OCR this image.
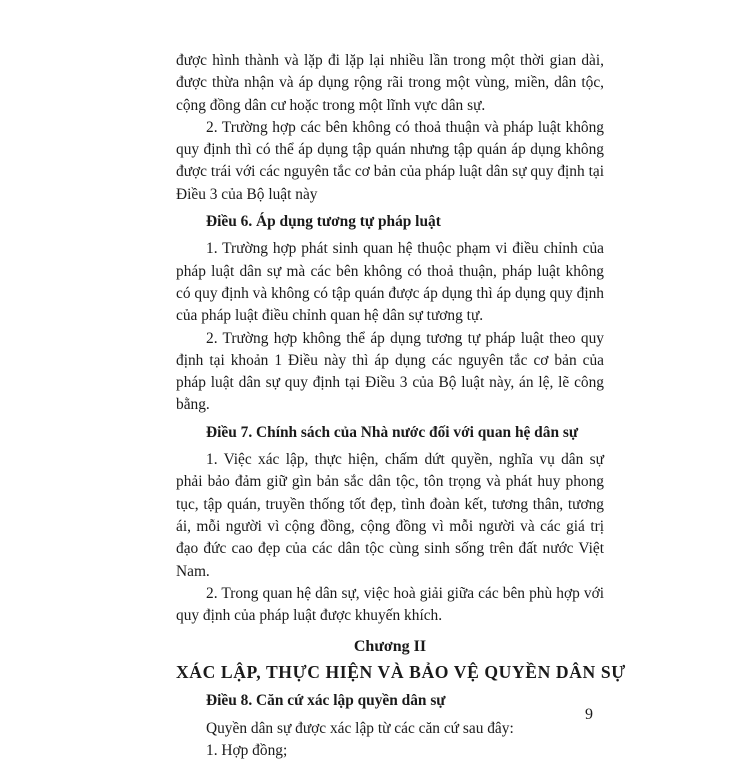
được hình thành và lặp đi lặp lại nhiều lần trong một thời gian dài, được thừa nhận và áp dụng rộng rãi trong một vùng, miền, dân tộc, cộng đồng dân cư hoặc trong một lĩnh vực dân sự.

2. Trường hợp các bên không có thoả thuận và pháp luật không quy định thì có thể áp dụng tập quán nhưng tập quán áp dụng không được trái với các nguyên tắc cơ bản của pháp luật dân sự quy định tại Điều 3 của Bộ luật này

Điều 6. Áp dụng tương tự pháp luật

1. Trường hợp phát sinh quan hệ thuộc phạm vi điều chỉnh của pháp luật dân sự mà các bên không có thoả thuận, pháp luật không có quy định và không có tập quán được áp dụng thì áp dụng quy định của pháp luật điều chỉnh quan hệ dân sự tương tự.

2. Trường hợp không thể áp dụng tương tự pháp luật theo quy định tại khoản 1 Điều này thì áp dụng các nguyên tắc cơ bản của pháp luật dân sự quy định tại Điều 3 của Bộ luật này, án lệ, lẽ công bằng.

Điều 7. Chính sách của Nhà nước đối với quan hệ dân sự

1. Việc xác lập, thực hiện, chấm dứt quyền, nghĩa vụ dân sự phải bảo đảm giữ gìn bản sắc dân tộc, tôn trọng và phát huy phong tục, tập quán, truyền thống tốt đẹp, tình đoàn kết, tương thân, tương ái, mỗi người vì cộng đồng, cộng đồng vì mỗi người và các giá trị đạo đức cao đẹp của các dân tộc cùng sinh sống trên đất nước Việt Nam.

2. Trong quan hệ dân sự, việc hoà giải giữa các bên phù hợp với quy định của pháp luật được khuyến khích.

Chương II

XÁC LẬP, THỰC HIỆN VÀ BẢO VỆ QUYỀN DÂN SỰ

Điều 8. Căn cứ xác lập quyền dân sự

Quyền dân sự được xác lập từ các căn cứ sau đây:

1. Hợp đồng;

9
